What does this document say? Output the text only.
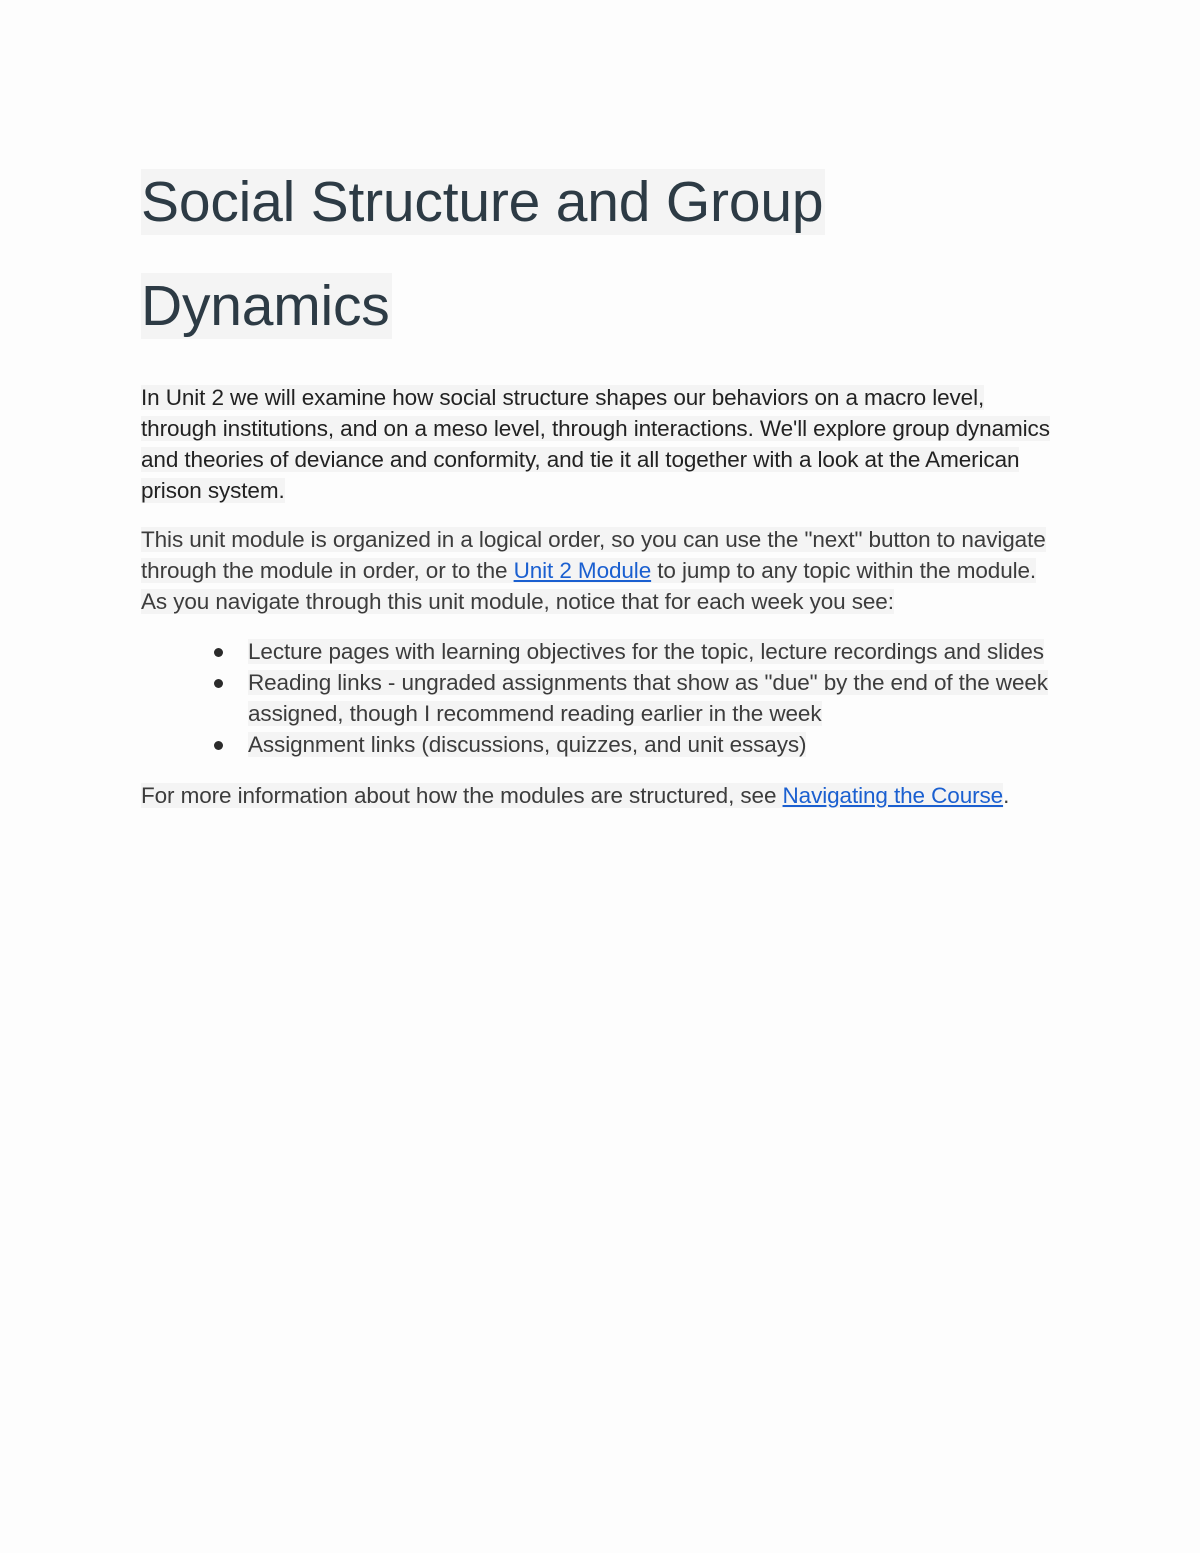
Social Structure and Group Dynamics

In Unit 2 we will examine how social structure shapes our behaviors on a macro level, through institutions, and on a meso level, through interactions. We'll explore group dynamics and theories of deviance and conformity, and tie it all together with a look at the American prison system.

This unit module is organized in a logical order, so you can use the "next" button to navigate through the module in order, or to the Unit 2 Module to jump to any topic within the module. As you navigate through this unit module, notice that for each week you see:

Lecture pages with learning objectives for the topic, lecture recordings and slides
Reading links - ungraded assignments that show as "due" by the end of the week assigned, though I recommend reading earlier in the week
Assignment links (discussions, quizzes, and unit essays)

For more information about how the modules are structured, see Navigating the Course.
